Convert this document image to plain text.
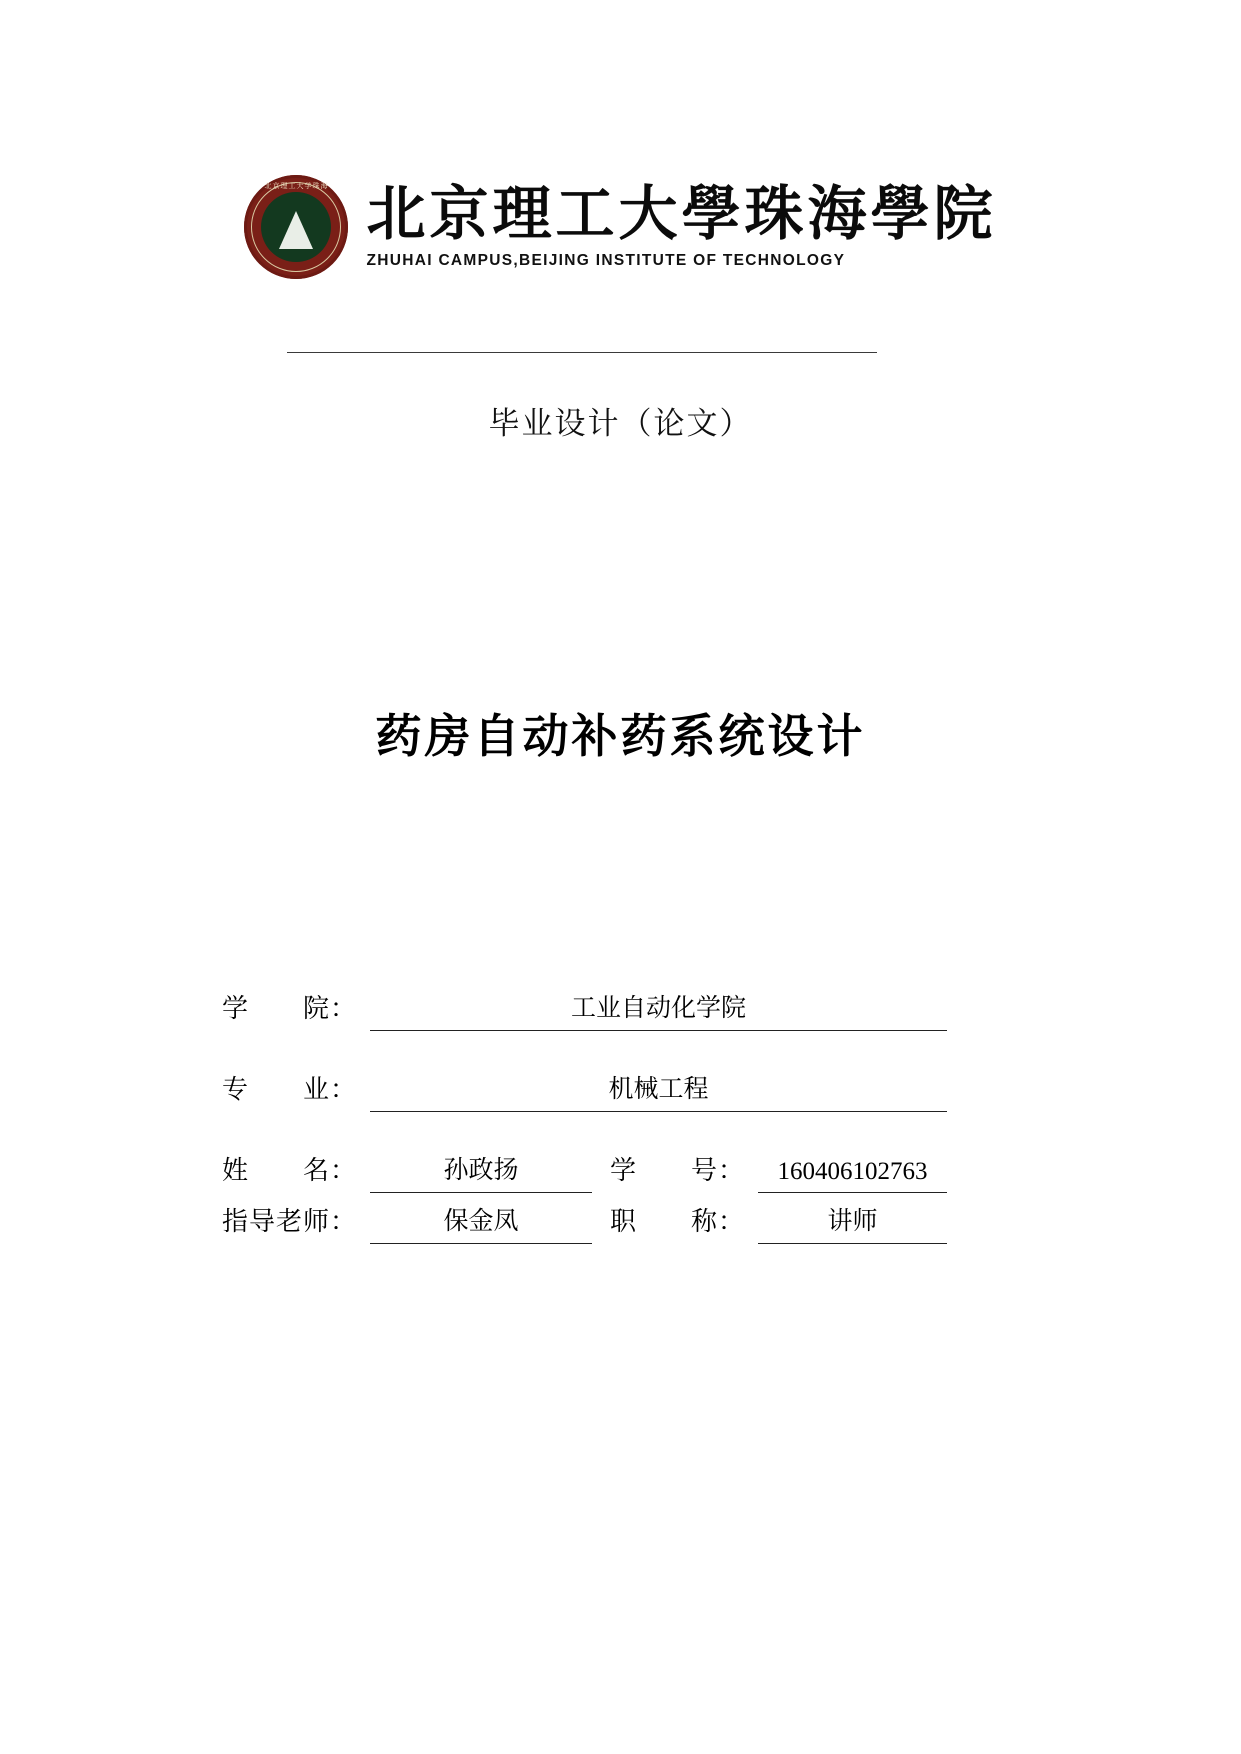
北京理工大学珠海 北京理工大學珠海學院
ZHUHAI CAMPUS,BEIJING INSTITUTE OF TECHNOLOGY
毕业设计（论文）
药房自动补药系统设计
学　　院：	工业自动化学院
专　　业：	机械工程
姓　　名：	孙政扬	学　　号：	160406102763
指导老师：	保金凤	职　　称：	讲师
